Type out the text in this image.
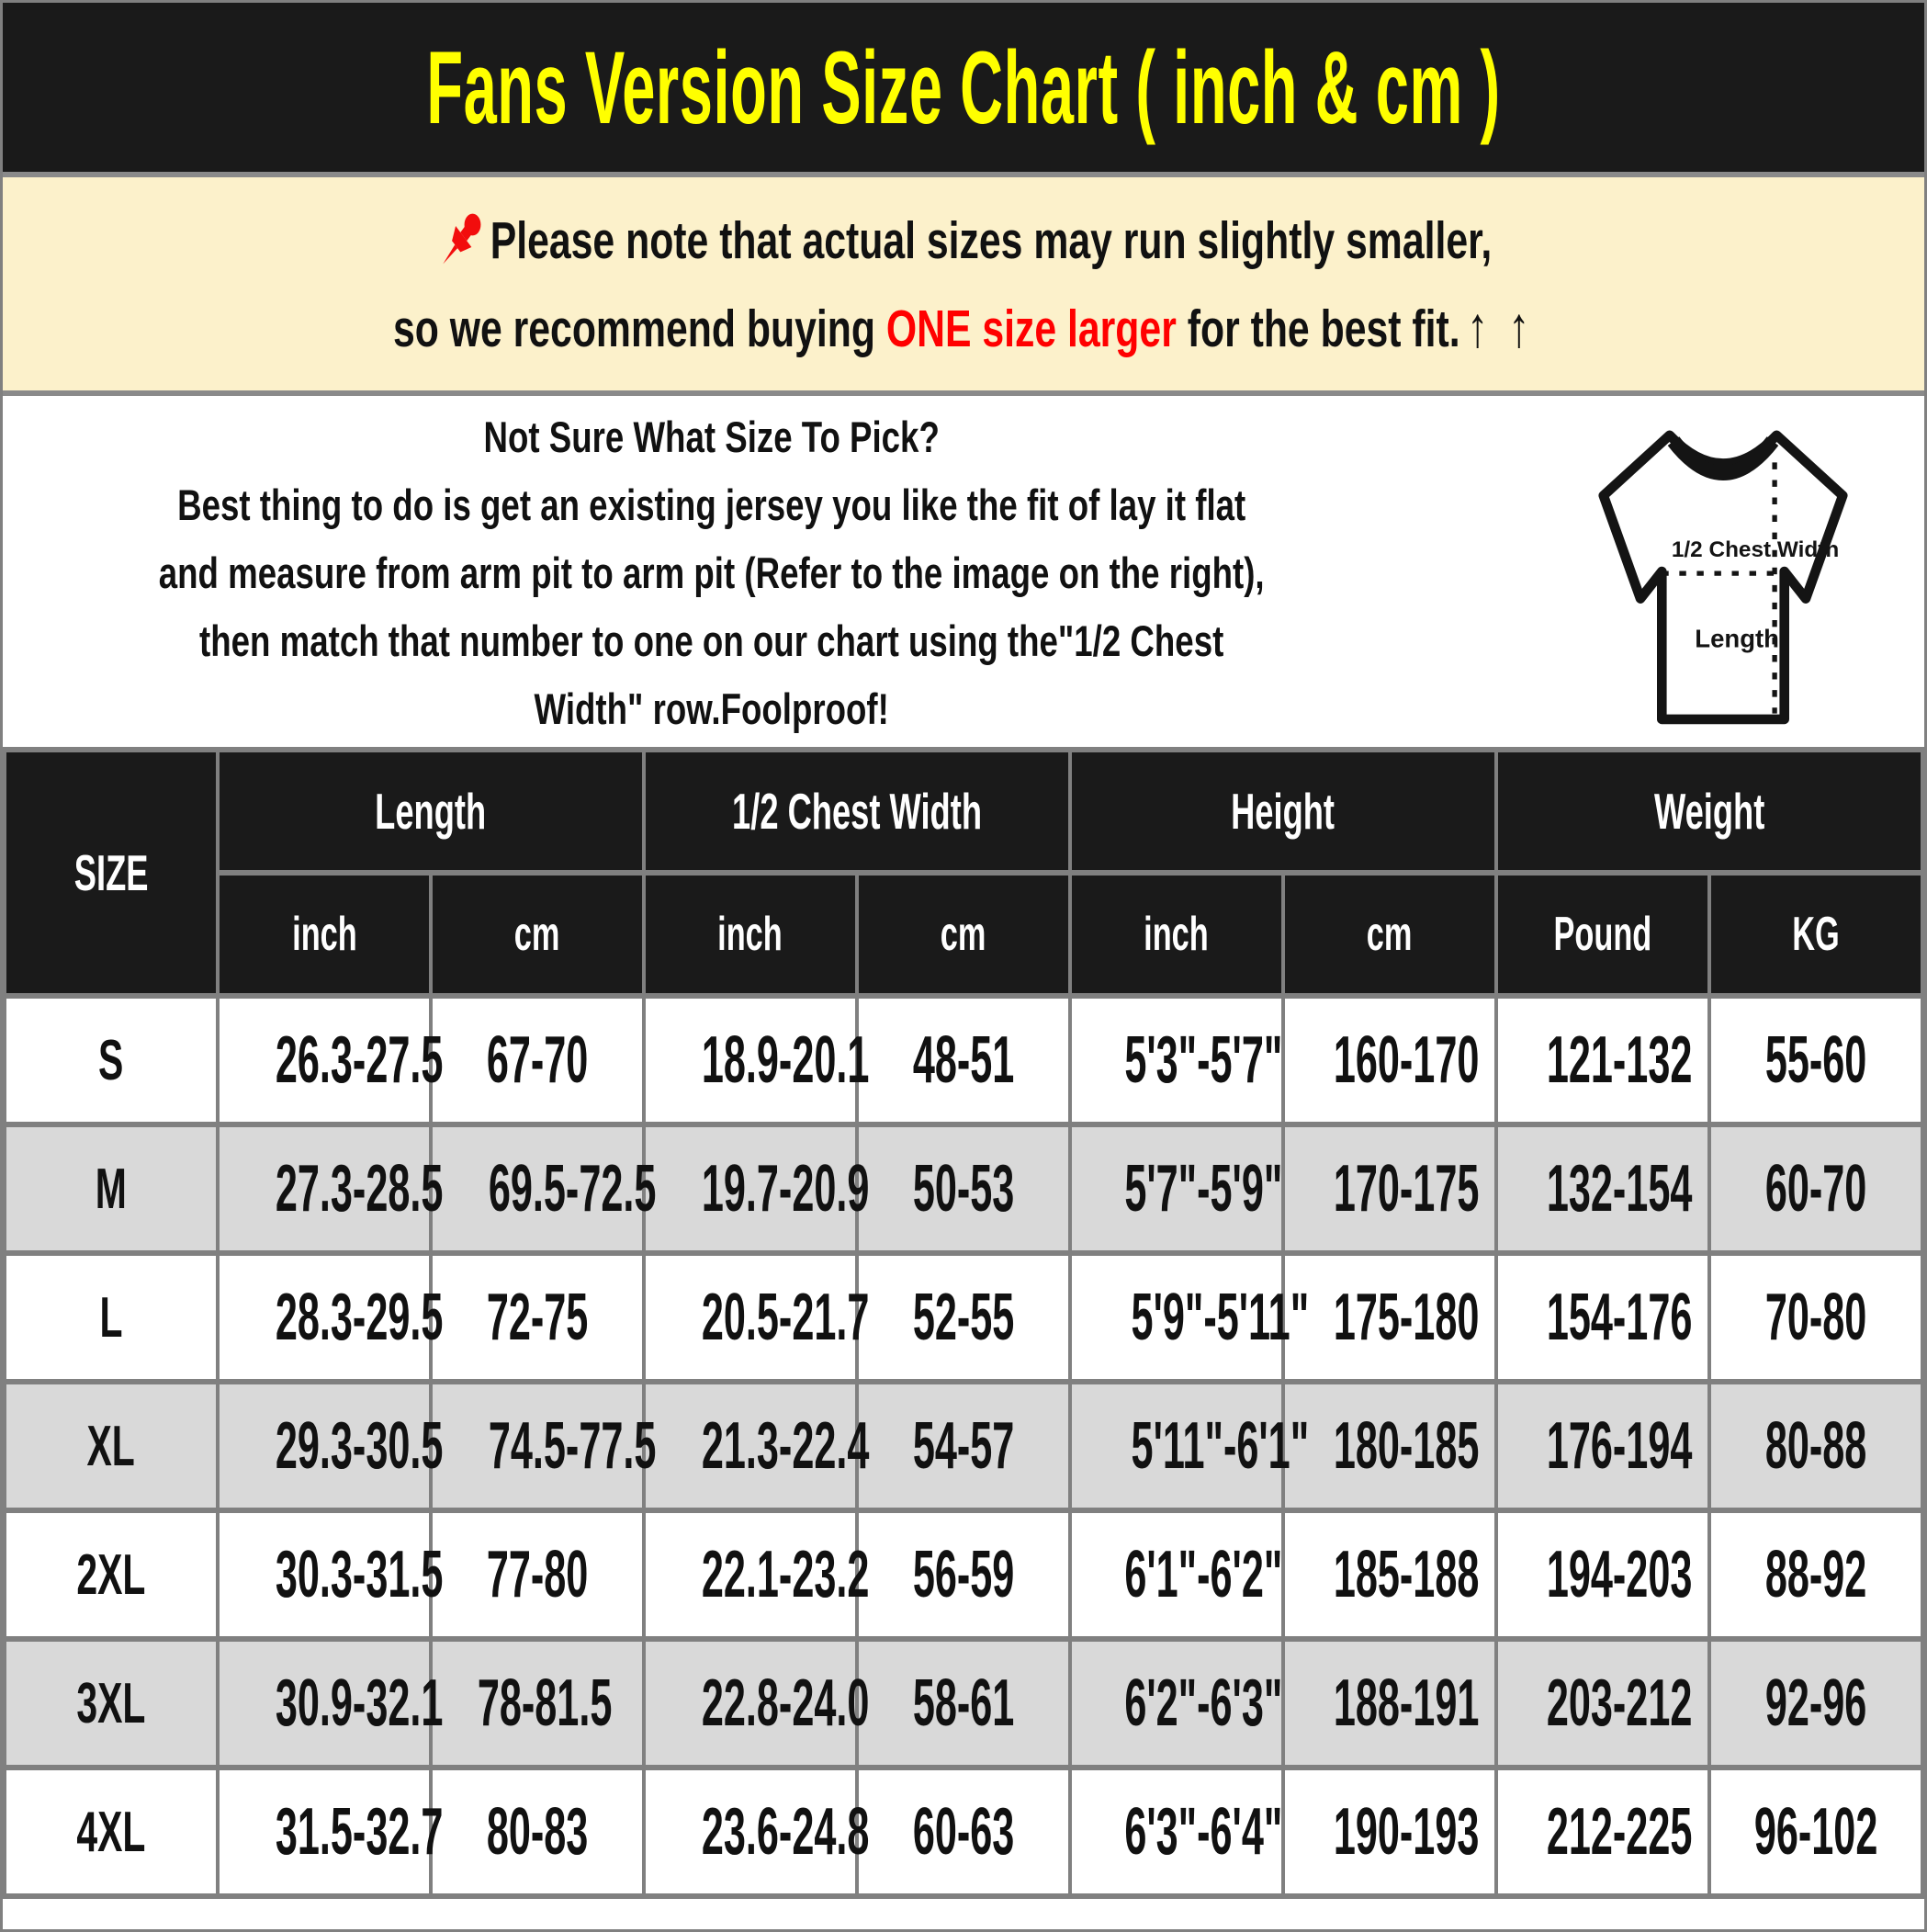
Fans Version Size Chart ( inch & cm )
Please note that actual sizes may run slightly smaller,
so we recommend buying ONE size larger for the best fit. ↑ ↑
Not Sure What Size To Pick?
Best thing to do is get an existing jersey you like the fit of lay it flat
and measure from arm pit to arm pit (Refer to the image on the right),
then match that number to one on our chart using the"1/2 Chest
Width" row.Foolproof!
1/2 Chest Width
Length
SIZE	Length		1/2 Chest Width		Height		Weight	
	inch	cm	inch	cm	inch	cm	Pound	KG
S	26.3-27.5	67-70	18.9-20.1	48-51	5'3"-5'7"	160-170	121-132	55-60
M	27.3-28.5	69.5-72.5	19.7-20.9	50-53	5'7"-5'9"	170-175	132-154	60-70
L	28.3-29.5	72-75	20.5-21.7	52-55	5'9"-5'11"	175-180	154-176	70-80
XL	29.3-30.5	74.5-77.5	21.3-22.4	54-57	5'11"-6'1"	180-185	176-194	80-88
2XL	30.3-31.5	77-80	22.1-23.2	56-59	6'1"-6'2"	185-188	194-203	88-92
3XL	30.9-32.1	78-81.5	22.8-24.0	58-61	6'2"-6'3"	188-191	203-212	92-96
4XL	31.5-32.7	80-83	23.6-24.8	60-63	6'3"-6'4"	190-193	212-225	96-102
